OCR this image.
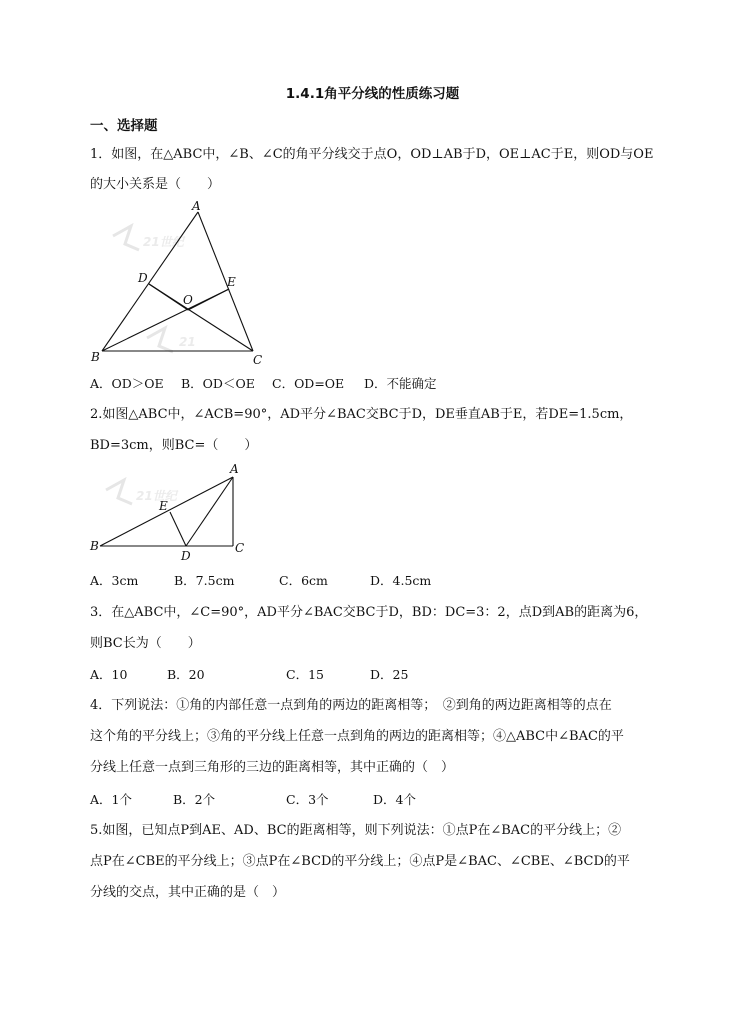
1.4.1角平分线的性质练习题
一、选择题
1．如图，在△ABC中，∠B、∠C的角平分线交于点O，OD⊥AB于D，OE⊥AC于E，则OD与OE
的大小关系是（　　）
21世纪
21
A
B	C
D	E
O
A．OD＞OE B．OD＜OE C．OD=OE D．不能确定
2.如图△ABC中，∠ACB=90°，AD平分∠BAC交BC于D，DE垂直AB于E，若DE=1.5cm，
BD=3cm，则BC=（　　）
21世纪
A
B	C
D
E
A．3cm	B．7.5cm	C．6cm	D．4.5cm
3．在△ABC中，∠C=90°，AD平分∠BAC交BC于D，BD：DC=3：2，点D到AB的距离为6，
则BC长为（　　）
A．10	B．20	C．15	D．25
4．下列说法：①角的内部任意一点到角的两边的距离相等；　②到角的两边距离相等的点在
这个角的平分线上；③角的平分线上任意一点到角的两边的距离相等；④△ABC中∠BAC的平
分线上任意一点到三角形的三边的距离相等，其中正确的（　）
A．1个	B．2个	C．3个	D．4个
5.如图，已知点P到AE、AD、BC的距离相等，则下列说法：①点P在∠BAC的平分线上；②
点P在∠CBE的平分线上；③点P在∠BCD的平分线上；④点P是∠BAC、∠CBE、∠BCD的平
分线的交点，其中正确的是（　）
